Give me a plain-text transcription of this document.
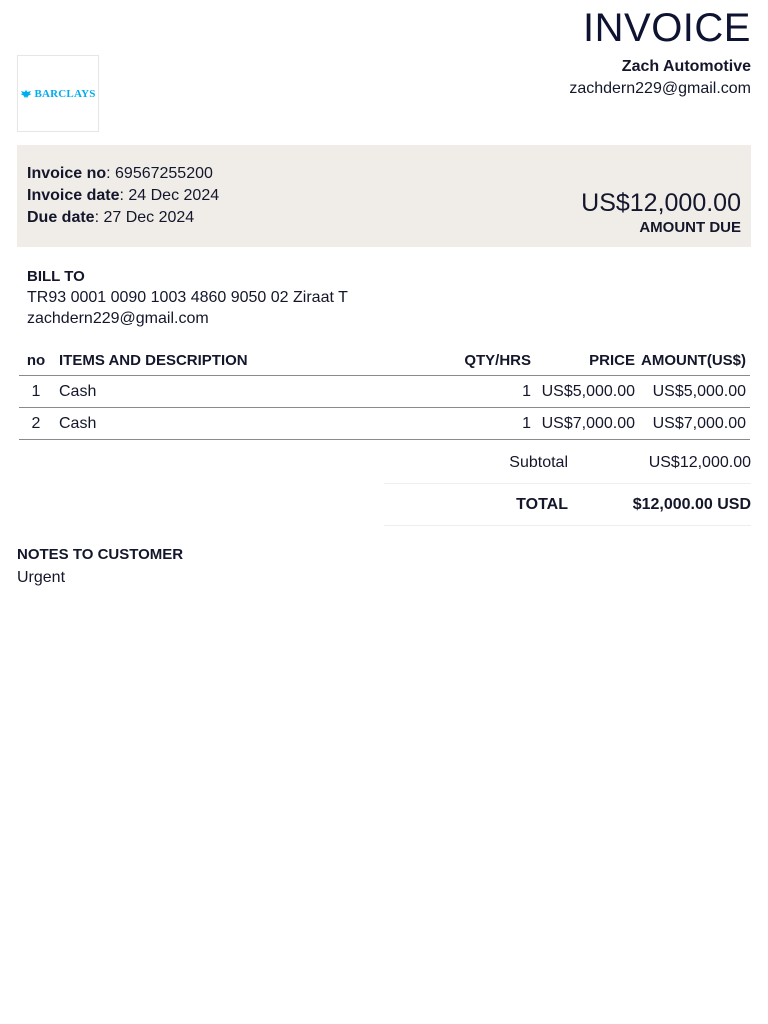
INVOICE
BARCLAYS
Zach Automotive
zachdern229@gmail.com
Invoice no: 69567255200
Invoice date: 24 Dec 2024
Due date: 27 Dec 2024
US$12,000.00
AMOUNT DUE
BILL TO
TR93 0001 0090 1003 4860 9050 02 Ziraat T
zachdern229@gmail.com
no	ITEMS AND DESCRIPTION	QTY/HRS	PRICE	AMOUNT(US$)
1	Cash	1	US$5,000.00	US$5,000.00
2	Cash	1	US$7,000.00	US$7,000.00
Subtotal	US$12,000.00
TOTAL	$12,000.00 USD
NOTES TO CUSTOMER
Urgent
